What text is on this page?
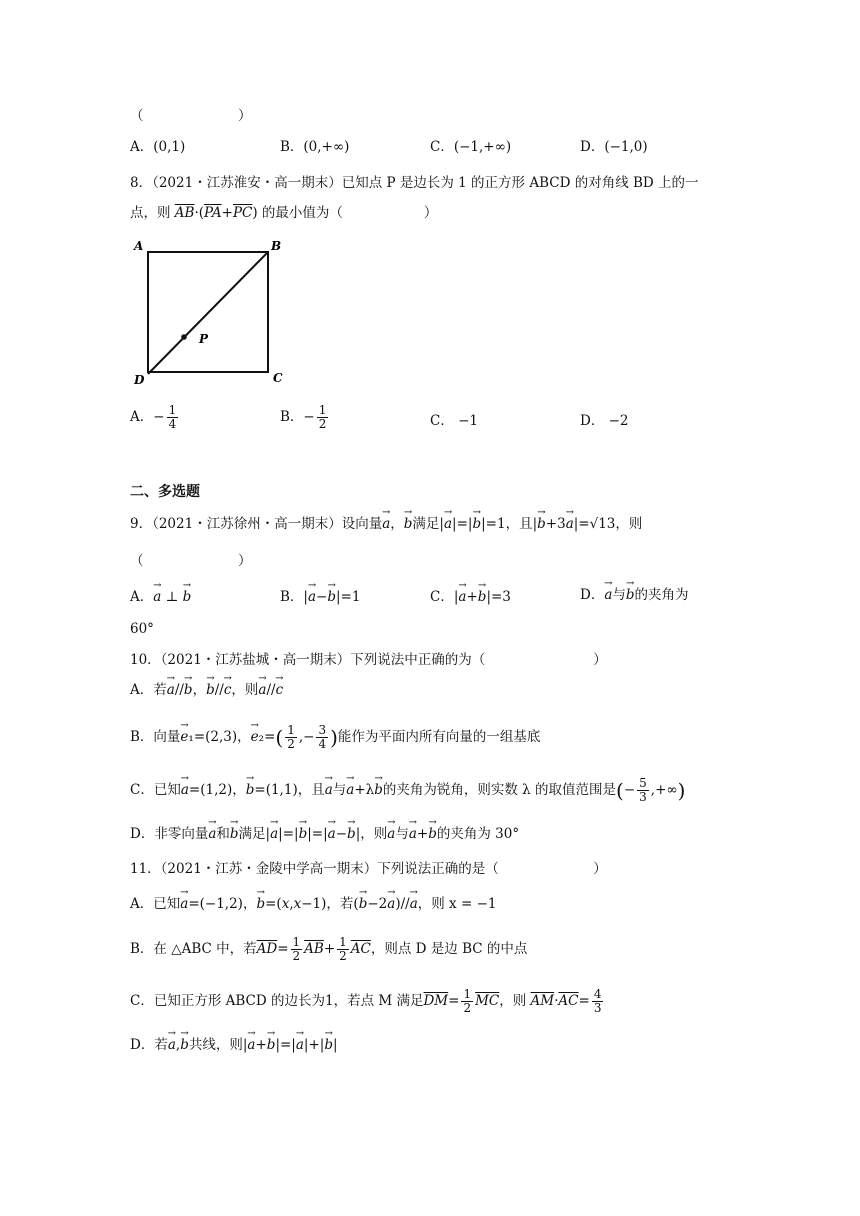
（　　　　　　　）
A．(0,1)	B．(0,+∞)	C．(−1,+∞)	D．(−1,0)
8．（2021・江苏淮安・高一期末）已知点 P 是边长为 1 的正方形 ABCD 的对角线 BD 上的一
点，则 $\overline{AB}\cdot(\overline{PA}+\overline{PC})$ 的最小值为（　　　　　　）
A	B
C
D
P
A．− $\frac{1}{4}$	B．− $\frac{1}{2}$	C． −1	D． −2
二、多选题
9．（2021・江苏徐州・高一期末）设向量→ a，→ b满足|→ a|=|→ b|=1，且|→ b+3→ a|=√13，则
（　　　　　　　）
A．→ a ⊥ → b	B．|→ a−→ b|=1	C．|→ a+→ b|=3	D．→ a与→ b的夹角为
60°
10．（2021・江苏盐城・高一期末）下列说法中正确的为（　　　　　　　　）
A．若→ a//→ b，→ b//→ c，则→ a//→ c
B．向量→ e₁=(2,3)，→ $e_2=( \frac{1}{2}$ ,− $\frac{3}{4}$ )能作为平面内所有向量的一组基底
C．已知→ a=(1,2)，→ b=(1,1)，且→ a与→ a+λ→ b的夹角为锐角，则实数 λ 的取值范围是(− $\frac{5}{3}$ ,+∞)
D．非零向量→ a和→ b满足|→ a|=|→ b|=|→ a−→ b|，则→ a与→ a+→ b的夹角为 30°
11．（2021・江苏・金陵中学高一期末）下列说法正确的是（　　　　　　　）
A．已知→ a=(−1,2)，→ b=(x,x−1)，若(→ b−2→ a)//→ a，则 x = −1
B．在 △ABC 中，若$\overline{AD}= \frac{1}{2} \overline{AB}+ \frac{1}{2} \overline{AC}$，则点 D 是边 BC 的中点
C．已知正方形 ABCD 的边长为1，若点 M 满足$\overline{DM}= \frac{1}{2} \overline{MC}$，则 $\overline{AM}\cdot\overline{AC}= \frac{4}{3}$
D．若→ a,→ b共线，则|→ a+→ b|=|→ a|+|→ b|
